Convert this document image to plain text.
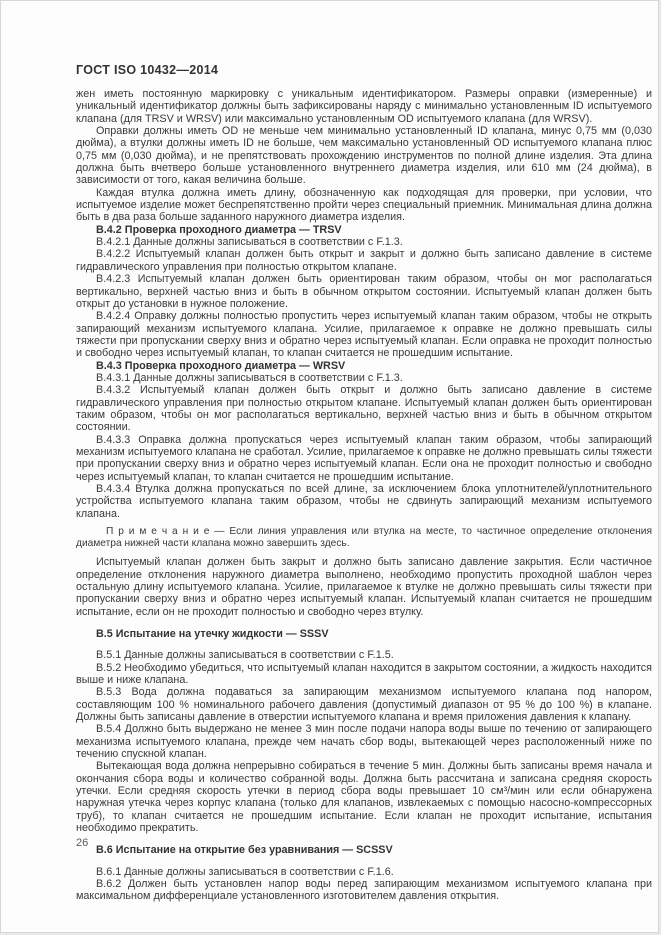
ГОСТ ISO 10432—2014

жен иметь постоянную маркировку с уникальным идентификатором. Размеры оправки (измеренные) и уникальный идентификатор должны быть зафиксированы наряду с минимально установленным ID испытуемого клапана (для TRSV и WRSV) или максимально установленным OD испытуемого клапана (для WRSV).

Оправки должны иметь OD не меньше чем минимально установленный ID клапана, минус 0,75 мм (0,030 дюйма), а втулки должны иметь ID не больше, чем максимально установленный OD испытуемого клапана плюс 0,75 мм (0,030 дюйма), и не препятствовать прохождению инструментов по полной длине изделия. Эта длина должна быть вчетверо больше установленного внутреннего диаметра изделия, или 610 мм (24 дюйма), в зависимости от того, какая величина больше.

Каждая втулка должна иметь длину, обозначенную как подходящая для проверки, при условии, что испытуемое изделие может беспрепятственно пройти через специальный приемник. Минимальная длина должна быть в два раза больше заданного наружного диаметра изделия.

B.4.2 Проверка проходного диаметра — TRSV

B.4.2.1 Данные должны записываться в соответствии с F.1.3.

B.4.2.2 Испытуемый клапан должен быть открыт и закрыт и должно быть записано давление в системе гидравлического управления при полностью открытом клапане.

B.4.2.3 Испытуемый клапан должен быть ориентирован таким образом, чтобы он мог располагаться вертикально, верхней частью вниз и быть в обычном открытом состоянии. Испытуемый клапан должен быть открыт до установки в нужное положение.

B.4.2.4 Оправку должны полностью пропустить через испытуемый клапан таким образом, чтобы не открыть запирающий механизм испытуемого клапана. Усилие, прилагаемое к оправке не должно превышать силы тяжести при пропускании сверху вниз и обратно через испытуемый клапан. Если оправка не проходит полностью и свободно через испытуемый клапан, то клапан считается не прошедшим испытание.

B.4.3 Проверка проходного диаметра — WRSV

B.4.3.1 Данные должны записываться в соответствии с F.1.3.

B.4.3.2 Испытуемый клапан должен быть открыт и должно быть записано давление в системе гидравлического управления при полностью открытом клапане. Испытуемый клапан должен быть ориентирован таким образом, чтобы он мог располагаться вертикально, верхней частью вниз и быть в обычном открытом состоянии.

B.4.3.3 Оправка должна пропускаться через испытуемый клапан таким образом, чтобы запирающий механизм испытуемого клапана не сработал. Усилие, прилагаемое к оправке не должно превышать силы тяжести при пропускании сверху вниз и обратно через испытуемый клапан. Если она не проходит полностью и свободно через испытуемый клапан, то клапан считается не прошедшим испытание.

B.4.3.4 Втулка должна пропускаться по всей длине, за исключением блока уплотнителей/уплотнительного устройства испытуемого клапана таким образом, чтобы не сдвинуть запирающий механизм испытуемого клапана.

П р и м е ч а н и е — Если линия управления или втулка на месте, то частичное определение отклонения диаметра нижней части клапана можно завершить здесь.

Испытуемый клапан должен быть закрыт и должно быть записано давление закрытия. Если частичное определение отклонения наружного диаметра выполнено, необходимо пропустить проходной шаблон через остальную длину испытуемого клапана. Усилие, прилагаемое к втулке не должно превышать силы тяжести при пропускании сверху вниз и обратно через испытуемый клапан. Испытуемый клапан считается не прошедшим испытание, если он не проходит полностью и свободно через втулку.

B.5 Испытание на утечку жидкости — SSSV

B.5.1 Данные должны записываться в соответствии с F.1.5.

B.5.2 Необходимо убедиться, что испытуемый клапан находится в закрытом состоянии, а жидкость находится выше и ниже клапана.

B.5.3 Вода должна подаваться за запирающим механизмом испытуемого клапана под напором, составляющим 100 % номинального рабочего давления (допустимый диапазон от 95 % до 100 %) в клапане. Должны быть записаны давление в отверстии испытуемого клапана и время приложения давления к клапану.

B.5.4 Должно быть выдержано не менее 3 мин после подачи напора воды выше по течению от запирающего механизма испытуемого клапана, прежде чем начать сбор воды, вытекающей через расположенный ниже по течению спускной клапан.

Вытекающая вода должна непрерывно собираться в течение 5 мин. Должны быть записаны время начала и окончания сбора воды и количество собранной воды. Должна быть рассчитана и записана средняя скорость утечки. Если средняя скорость утечки в период сбора воды превышает 10 см³/мин или если обнаружена наружная утечка через корпус клапана (только для клапанов, извлекаемых с помощью насосно-компрессорных труб), то клапан считается не прошедшим испытание. Если клапан не проходит испытание, испытания необходимо прекратить.

B.6 Испытание на открытие без уравнивания — SCSSV

B.6.1 Данные должны записываться в соответствии с F.1.6.

B.6.2 Должен быть установлен напор воды перед запирающим механизмом испытуемого клапана при максимальном дифференциале установленного изготовителем давления открытия.

26
